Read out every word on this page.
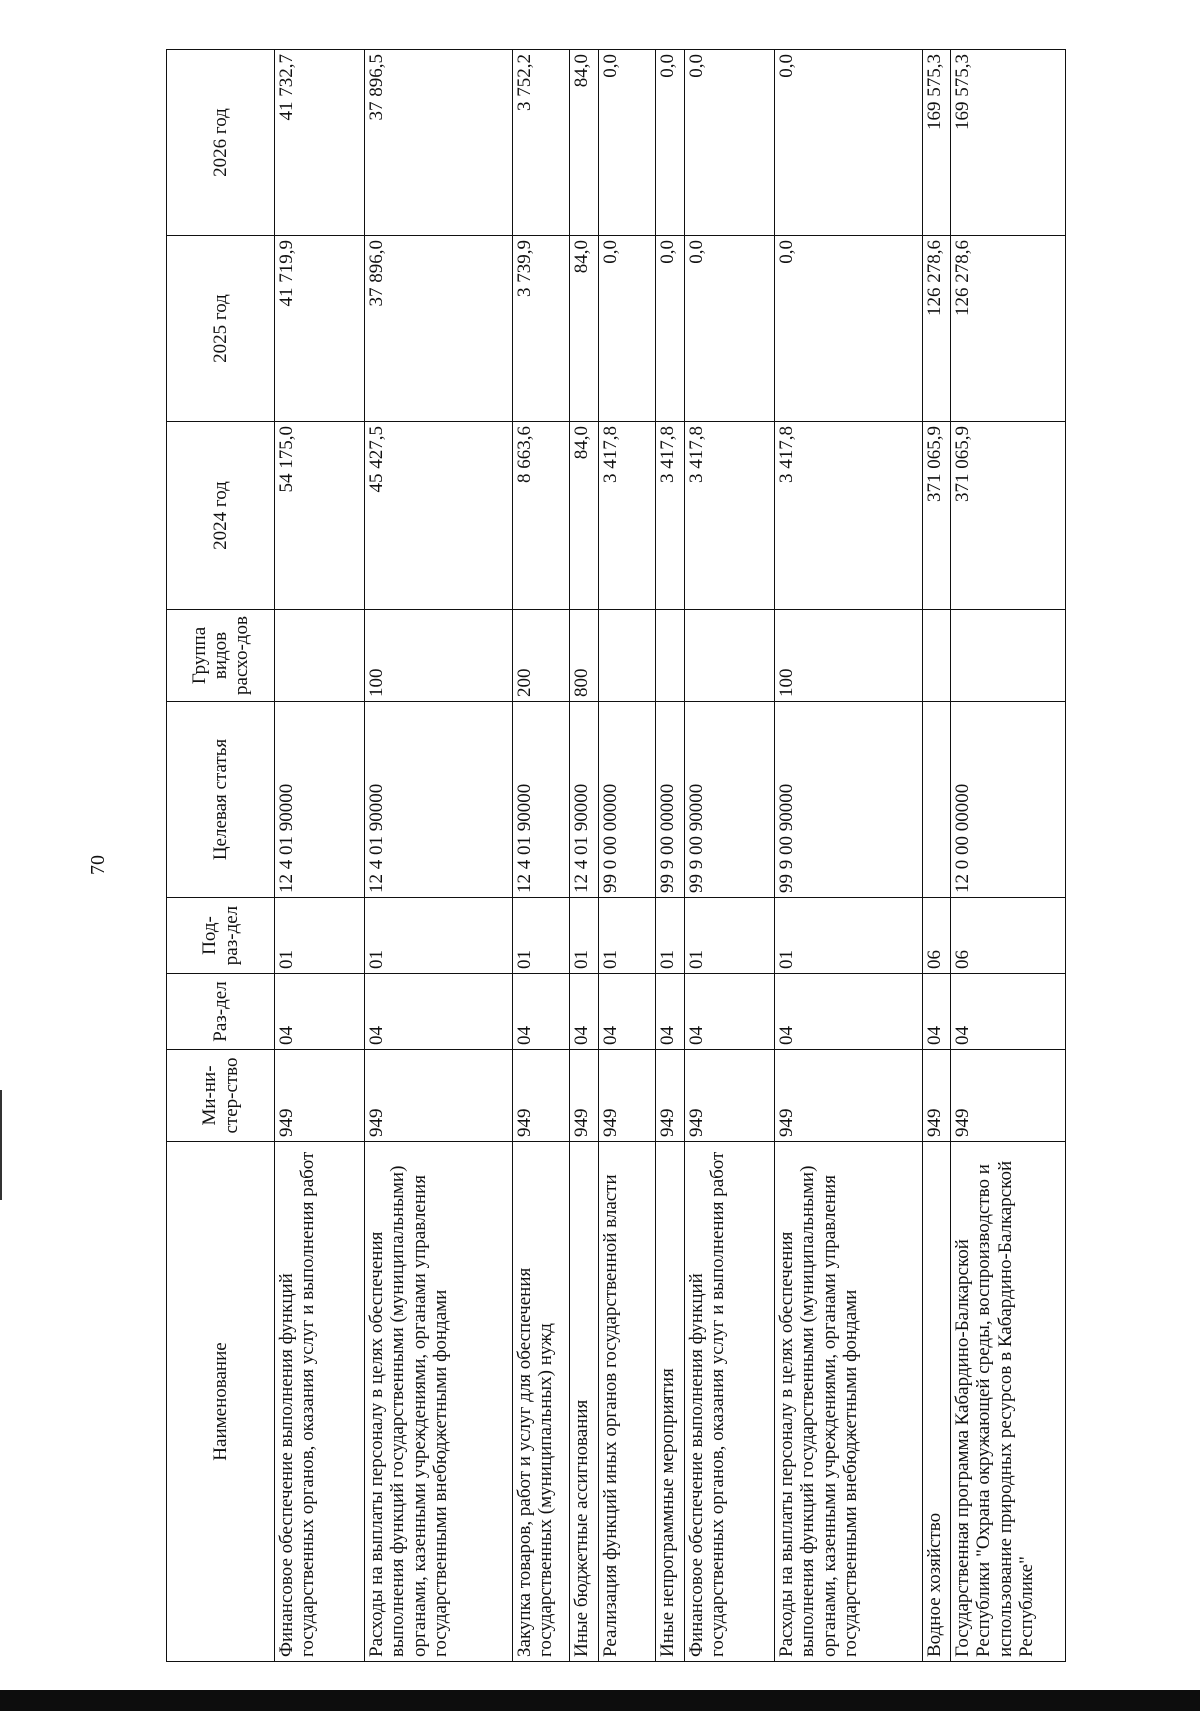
70
Наименование	Ми-ни-стер-ство	Раз-дел	Под-раз-дел	Целевая статья	Группа видов расхо-дов	2024 год	2025 год	2026 год
Финансовое обеспечение выполнения функций государственных органов, оказания услуг и выполнения работ	949	04	01	12 4 01 90000		54 175,0	41 719,9	41 732,7
Расходы на выплаты персоналу в целях обеспечения выполнения функций государственными (муниципальными) органами, казенными учреждениями, органами управления государственными внебюджетными фондами	949	04	01	12 4 01 90000	100	45 427,5	37 896,0	37 896,5
Закупка товаров, работ и услуг для обеспечения государственных (муниципальных) нужд	949	04	01	12 4 01 90000	200	8 663,6	3 739,9	3 752,2
Иные бюджетные ассигнования	949	04	01	12 4 01 90000	800	84,0	84,0	84,0
Реализация функций иных органов государственной власти	949	04	01	99 0 00 00000		3 417,8	0,0	0,0
Иные непрограммные мероприятия	949	04	01	99 9 00 00000		3 417,8	0,0	0,0
Финансовое обеспечение выполнения функций государственных органов, оказания услуг и выполнения работ	949	04	01	99 9 00 90000		3 417,8	0,0	0,0
Расходы на выплаты персоналу в целях обеспечения выполнения функций государственными (муниципальными) органами, казенными учреждениями, органами управления государственными внебюджетными фондами	949	04	01	99 9 00 90000	100	3 417,8	0,0	0,0
Водное хозяйство	949	04	06			371 065,9	126 278,6	169 575,3
Государственная программа Кабардино-Балкарской Республики "Охрана окружающей среды, воспроизводство и использование природных ресурсов в Кабардино-Балкарской Республике"	949	04	06	12 0 00 00000		371 065,9	126 278,6	169 575,3
